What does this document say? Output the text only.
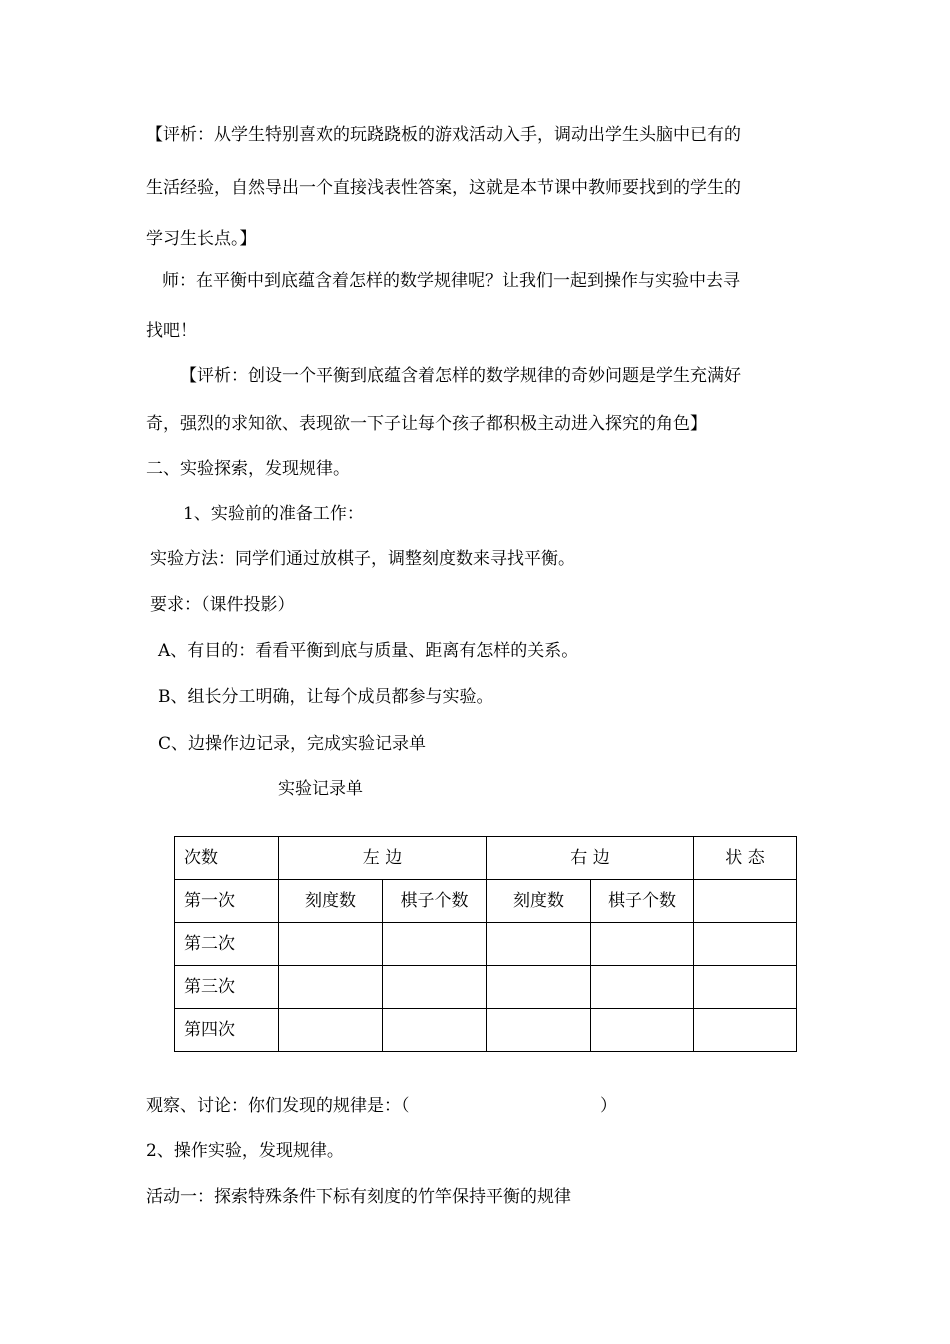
【评析：从学生特别喜欢的玩跷跷板的游戏活动入手，调动出学生头脑中已有的
生活经验，自然导出一个直接浅表性答案，这就是本节课中教师要找到的学生的
学习生长点。】
师：在平衡中到底蕴含着怎样的数学规律呢？让我们一起到操作与实验中去寻
找吧！
【评析：创设一个平衡到底蕴含着怎样的数学规律的奇妙问题是学生充满好
奇，强烈的求知欲、表现欲一下子让每个孩子都积极主动进入探究的角色】
二、实验探索，发现规律。
1、实验前的准备工作：
实验方法：同学们通过放棋子，调整刻度数来寻找平衡。
要求：（课件投影）
A、有目的：看看平衡到底与质量、距离有怎样的关系。
B、组长分工明确，让每个成员都参与实验。
C、边操作边记录，完成实验记录单
实验记录单
次数	左 边		右 边		状 态
第一次	刻度数	棋子个数	刻度数	棋子个数	
第二次					
第三次					
第四次					
观察、讨论：你们发现的规律是：（	）
2、操作实验，发现规律。
活动一：探索特殊条件下标有刻度的竹竿保持平衡的规律
